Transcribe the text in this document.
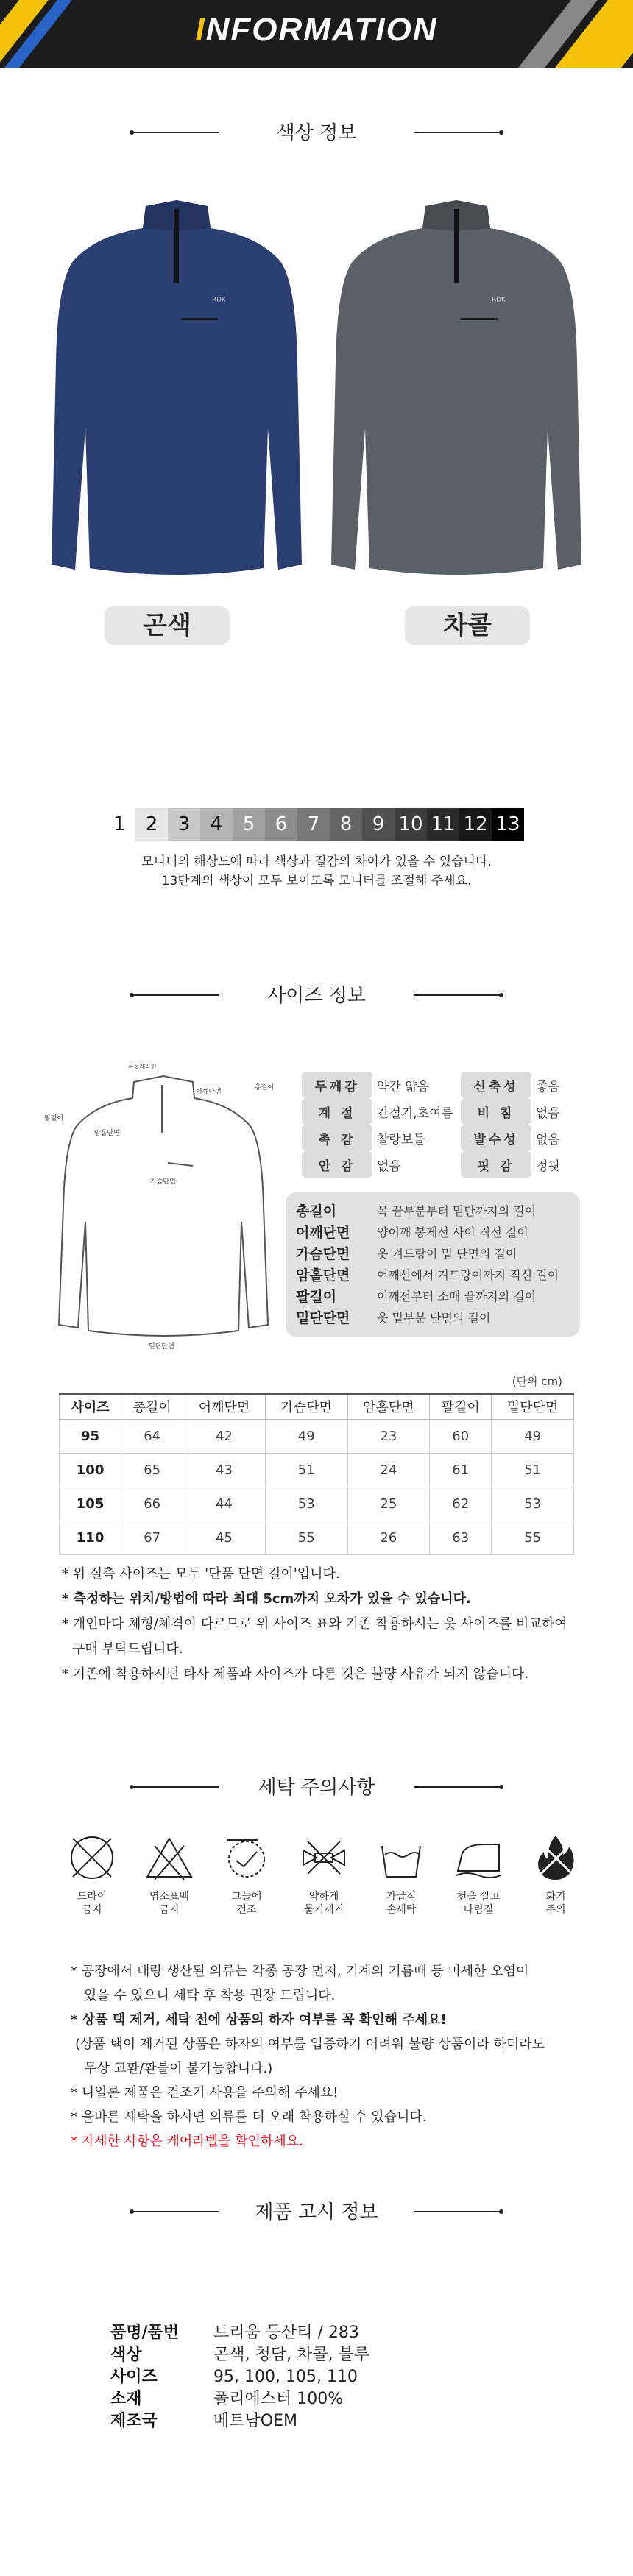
INFORMATION
색상 정보
ᴿᴰᴷ	ᴿᴰᴷ
곤색	차콜
1	2	3	4	5	6	7	8	9 10 11 12 13
모니터의 해상도에 따라 색상과 질감의 차이가 있을 수 있습니다.
13단계의 색상이 모두 보이도록 모니터를 조절해 주세요.
사이즈 정보
목둘레라인
어깨단면
총길이
암홀단면
가슴단면
팔길이
밑단단면
두께감	약간 얇음	신축성	좋음
계 절	간절기,초여름	비 침	없음
촉 감	찰랑보들	발수성	없음
안 감	없음	핏 감	정핏
총길이	목 끝부분부터 밑단까지의 길이
어깨단면	양어깨 봉제선 사이 직선 길이
가슴단면	옷 겨드랑이 밑 단면의 길이
암홀단면	어깨선에서 겨드랑이까지 직선 길이
팔길이	어깨선부터 소매 끝까지의 길이
밑단단면	옷 밑부분 단면의 길이
(단위 cm)
사이즈	총길이	어깨단면	가슴단면	암홀단면	팔길이	밑단단면
95	64	42	49	23	60	49
100	65	43	51	24	61	51
105	66	44	53	25	62	53
110	67	45	55	26	63	55
* 위 실측 사이즈는 모두 '단품 단면 길이'입니다.
* 측정하는 위치/방법에 따라 최대 5cm까지 오차가 있을 수 있습니다.
* 개인마다 체형/체격이 다르므로 위 사이즈 표와 기존 착용하시는 옷 사이즈를 비교하여
구매 부탁드립니다.
* 기존에 착용하시던 타사 제품과 사이즈가 다른 것은 불량 사유가 되지 않습니다.
세탁 주의사항
드라이
금지
염소표백
금지
그늘에
건조
약하게
물기제거
가급적
손세탁
천을 깔고
다림질
화기
주의
* 공장에서 대량 생산된 의류는 각종 공장 먼지, 기계의 기름때 등 미세한 오염이
있을 수 있으니 세탁 후 착용 권장 드립니다.
* 상품 택 제거, 세탁 전에 상품의 하자 여부를 꼭 확인해 주세요!
(상품 택이 제거된 상품은 하자의 여부를 입증하기 어려워 불량 상품이라 하더라도
무상 교환/환불이 불가능합니다.)
* 니일론 제품은 건조기 사용을 주의해 주세요!
* 올바른 세탁을 하시면 의류를 더 오래 착용하실 수 있습니다.
* 자세한 사항은 케어라벨을 확인하세요.
제품 고시 정보
품명/품번	트리움 등산티 / 283
색상	곤색, 청담, 차콜, 블루
사이즈	95, 100, 105, 110
소재	폴리에스터 100%
제조국	베트남OEM
